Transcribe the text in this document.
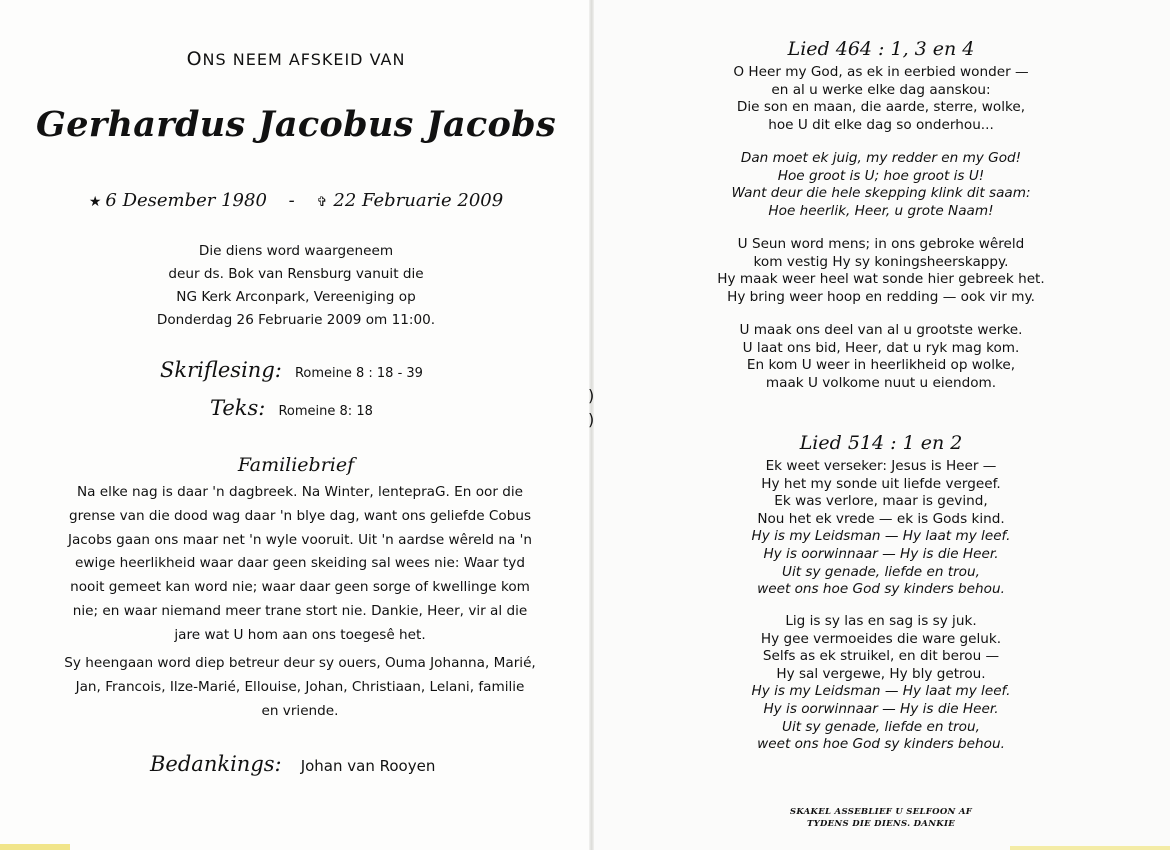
ONS NEEM AFSKEID VAN
Gerhardus Jacobus Jacobs
★ 6 Desember 1980 - ✞ 22 Februarie 2009
Die diens word waargeneem
deur ds. Bok van Rensburg vanuit die
NG Kerk Arconpark, Vereeniging op
Donderdag 26 Februarie 2009 om 11:00.
Skriflesing: Romeine 8 : 18 - 39
Teks: Romeine 8: 18
Familiebrief
Na elke nag is daar 'n dagbreek. Na Winter, lentepraG. En oor die
grense van die dood wag daar 'n blye dag, want ons geliefde Cobus
Jacobs gaan ons maar net 'n wyle vooruit. Uit 'n aardse wêreld na 'n
ewige heerlikheid waar daar geen skeiding sal wees nie: Waar tyd
nooit gemeet kan word nie; waar daar geen sorge of kwellinge kom
nie; en waar niemand meer trane stort nie. Dankie, Heer, vir al die
jare wat U hom aan ons toegesê het.
Sy heengaan word diep betreur deur sy ouers, Ouma Johanna, Marié,
Jan, Francois, Ilze-Marié, Ellouise, Johan, Christiaan, Lelani, familie
en vriende.
Bedankings: Johan van Rooyen
)
)
Lied 464 : 1, 3 en 4
O Heer my God, as ek in eerbied wonder —
en al u werke elke dag aanskou:
Die son en maan, die aarde, sterre, wolke,
hoe U dit elke dag so onderhou...
Dan moet ek juig, my redder en my God!
Hoe groot is U; hoe groot is U!
Want deur die hele skepping klink dit saam:
Hoe heerlik, Heer, u grote Naam!
U Seun word mens; in ons gebroke wêreld
kom vestig Hy sy koningsheerskappy.
Hy maak weer heel wat sonde hier gebreek het.
Hy bring weer hoop en redding — ook vir my.
U maak ons deel van al u grootste werke.
U laat ons bid, Heer, dat u ryk mag kom.
En kom U weer in heerlikheid op wolke,
maak U volkome nuut u eiendom.
Lied 514 : 1 en 2
Ek weet verseker: Jesus is Heer —
Hy het my sonde uit liefde vergeef.
Ek was verlore, maar is gevind,
Nou het ek vrede — ek is Gods kind.
Hy is my Leidsman — Hy laat my leef.
Hy is oorwinnaar — Hy is die Heer.
Uit sy genade, liefde en trou,
weet ons hoe God sy kinders behou.
Lig is sy las en sag is sy juk.
Hy gee vermoeides die ware geluk.
Selfs as ek struikel, en dit berou —
Hy sal vergewe, Hy bly getrou.
Hy is my Leidsman — Hy laat my leef.
Hy is oorwinnaar — Hy is die Heer.
Uit sy genade, liefde en trou,
weet ons hoe God sy kinders behou.
SKAKEL ASSEBLIEF U SELFOON AF
TYDENS DIE DIENS. DANKIE
